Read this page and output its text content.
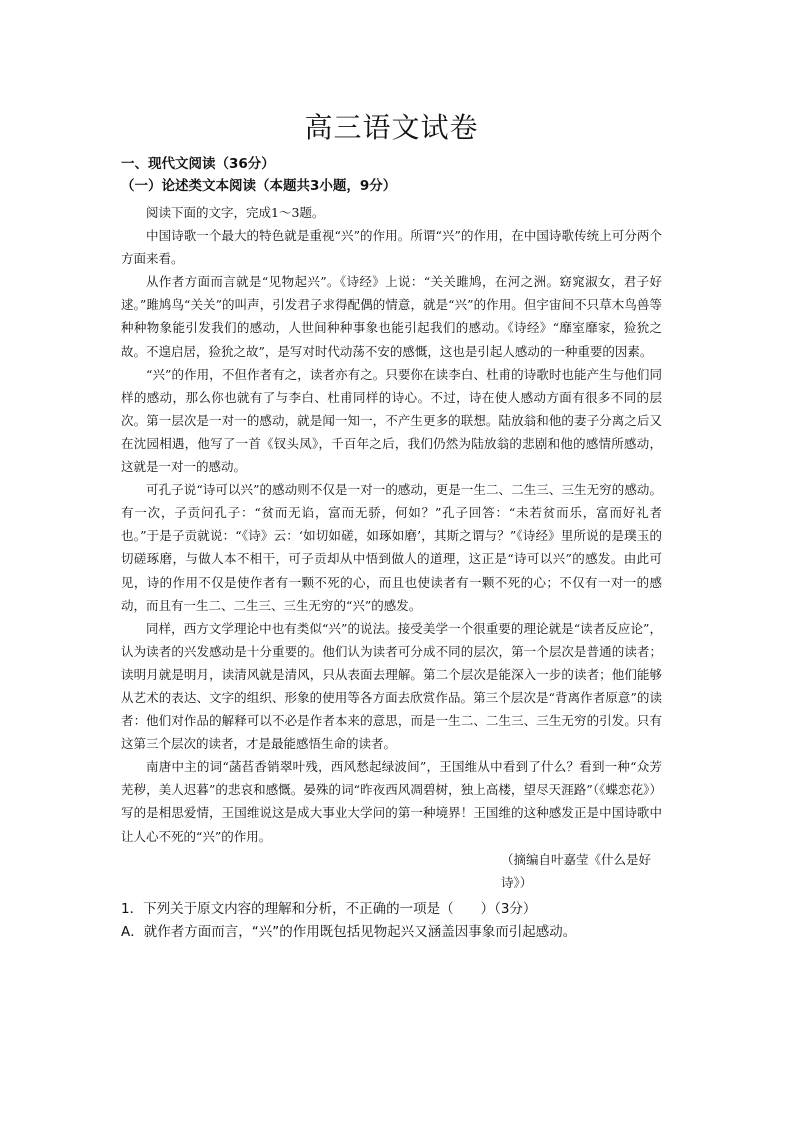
高三语文试卷
一、现代文阅读（36分）
（一）论述类文本阅读（本题共3小题，9分）

阅读下面的文字，完成1～3题。

中国诗歌一个最大的特色就是重视“兴”的作用。所谓“兴”的作用，在中国诗歌传统上可分两个方面来看。

从作者方面而言就是“见物起兴”。《诗经》上说：“关关雎鸠，在河之洲。窈窕淑女，君子好逑。”雎鸠鸟“关关”的叫声，引发君子求得配偶的情意，就是“兴”的作用。但宇宙间不只草木鸟兽等种种物象能引发我们的感动，人世间种种事象也能引起我们的感动。《诗经》“靡室靡家，猃狁之故。不遑启居，猃狁之故”，是写对时代动荡不安的感慨，这也是引起人感动的一种重要的因素。

“兴”的作用，不但作者有之，读者亦有之。只要你在读李白、杜甫的诗歌时也能产生与他们同样的感动，那么你也就有了与李白、杜甫同样的诗心。不过，诗在使人感动方面有很多不同的层次。第一层次是一对一的感动，就是闻一知一，不产生更多的联想。陆放翁和他的妻子分离之后又在沈园相遇，他写了一首《钗头凤》，千百年之后，我们仍然为陆放翁的悲剧和他的感情所感动，这就是一对一的感动。

可孔子说“诗可以兴”的感动则不仅是一对一的感动，更是一生二、二生三、三生无穷的感动。有一次，子贡问孔子：“贫而无谄，富而无骄，何如？”孔子回答：“未若贫而乐，富而好礼者也。”于是子贡就说：“《诗》云：‘如切如磋，如琢如磨’，其斯之谓与？”《诗经》里所说的是璞玉的切磋琢磨，与做人本不相干，可子贡却从中悟到做人的道理，这正是“诗可以兴”的感发。由此可见，诗的作用不仅是使作者有一颗不死的心，而且也使读者有一颗不死的心；不仅有一对一的感动，而且有一生二、二生三、三生无穷的“兴”的感发。

同样，西方文学理论中也有类似“兴”的说法。接受美学一个很重要的理论就是“读者反应论”，认为读者的兴发感动是十分重要的。他们认为读者可分成不同的层次，第一个层次是普通的读者；读明月就是明月，读清风就是清风，只从表面去理解。第二个层次是能深入一步的读者；他们能够从艺术的表达、文字的组织、形象的使用等各方面去欣赏作品。第三个层次是“背离作者原意”的读者：他们对作品的解释可以不必是作者本来的意思，而是一生二、二生三、三生无穷的引发。只有这第三个层次的读者，才是最能感悟生命的读者。

南唐中主的词“菡萏香销翠叶残，西风愁起绿波间”，王国维从中看到了什么？看到一种“众芳芜秽，美人迟暮”的悲哀和感慨。晏殊的词“昨夜西风凋碧树，独上高楼，望尽天涯路”（《蝶恋花》）写的是相思爱情，王国维说这是成大事业大学问的第一种境界！王国维的这种感发正是中国诗歌中让人心不死的“兴”的作用。

（摘编自叶嘉莹《什么是好诗》）

1．下列关于原文内容的理解和分析，不正确的一项是（　　）（3分）

A．就作者方面而言，“兴”的作用既包括见物起兴又涵盖因事象而引起感动。
